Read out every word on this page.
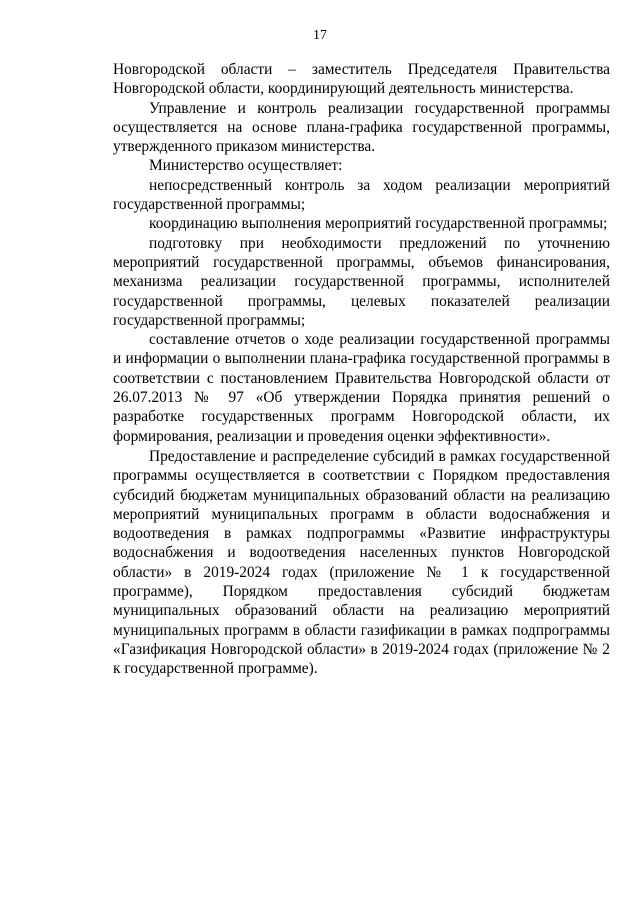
17

Новгородской области – заместитель Председателя Правительства Новгородской области, координирующий деятельность министерства.

Управление и контроль реализации государственной программы осуществляется на основе плана-графика государственной программы, утвержденного приказом министерства.

Министерство осуществляет:

непосредственный контроль за ходом реализации мероприятий государственной программы;

координацию выполнения мероприятий государственной программы;

подготовку при необходимости предложений по уточнению мероприятий государственной программы, объемов финансирования, механизма реализации государственной программы, исполнителей государственной программы, целевых показателей реализации государственной программы;

составление отчетов о ходе реализации государственной программы и информации о выполнении плана-графика государственной программы в соответствии с постановлением Правительства Новгородской области от 26.07.2013 № 97 «Об утверждении Порядка принятия решений о разработке государственных программ Новгородской области, их формирования, реализации и проведения оценки эффективности».

Предоставление и распределение субсидий в рамках государственной программы осуществляется в соответствии с Порядком предоставления субсидий бюджетам муниципальных образований области на реализацию мероприятий муниципальных программ в области водоснабжения и водоотведения в рамках подпрограммы «Развитие инфраструктуры водоснабжения и водоотведения населенных пунктов Новгородской области» в 2019-2024 годах (приложение № 1 к государственной программе), Порядком предоставления субсидий бюджетам муниципальных образований области на реализацию мероприятий муниципальных программ в области газификации в рамках подпрограммы «Газификация Новгородской области» в 2019-2024 годах (приложение № 2 к государственной программе).
